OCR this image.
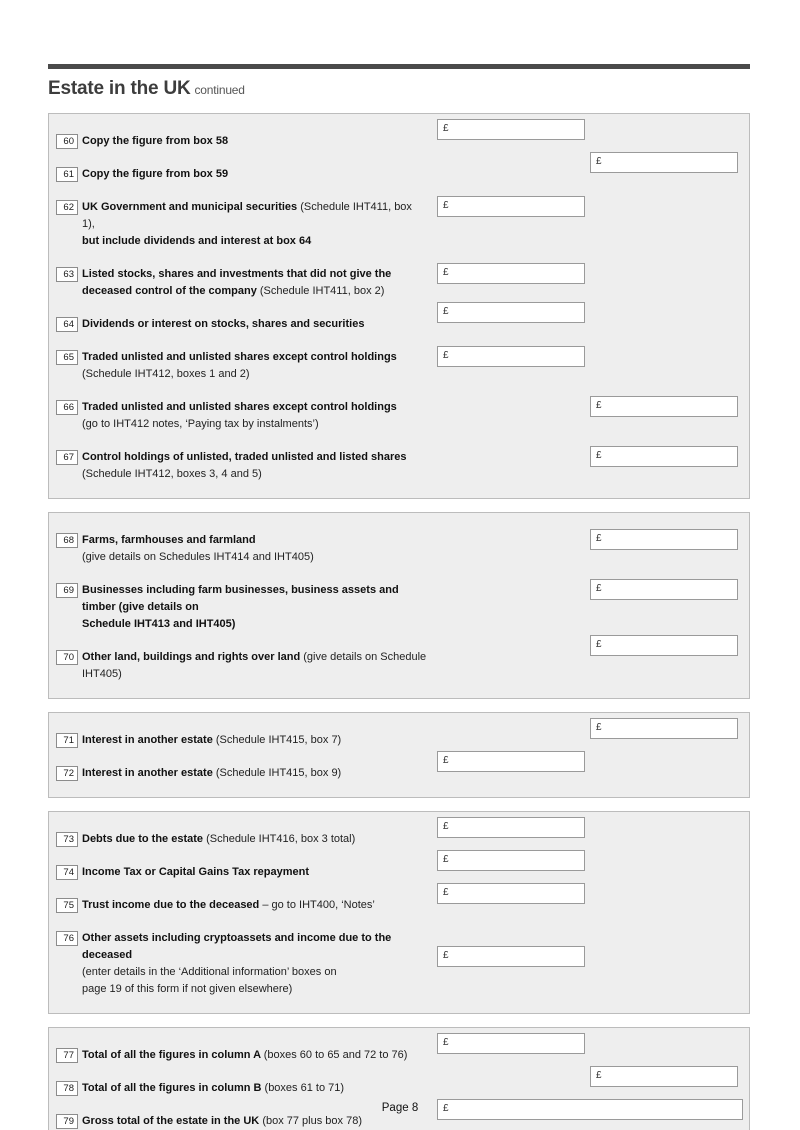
Estate in the UK continued
60 Copy the figure from box 58
£
61 Copy the figure from box 59
£
62 UK Government and municipal securities (Schedule IHT411, box 1),
but include dividends and interest at box 64
£
63 Listed stocks, shares and investments that did not give the
deceased control of the company (Schedule IHT411, box 2)
£
64 Dividends or interest on stocks, shares and securities
£
65 Traded unlisted and unlisted shares except control holdings
(Schedule IHT412, boxes 1 and 2)
£
66 Traded unlisted and unlisted shares except control holdings
(go to IHT412 notes, ‘Paying tax by instalments’)
£
67 Control holdings of unlisted, traded unlisted and listed shares
(Schedule IHT412, boxes 3, 4 and 5)
£
68 Farms, farmhouses and farmland
(give details on Schedules IHT414 and IHT405)
£
69 Businesses including farm businesses, business assets and timber (give details on
Schedule IHT413 and IHT405)
£
70 Other land, buildings and rights over land (give details on Schedule IHT405)
£
71 Interest in another estate (Schedule IHT415, box 7)
£
72 Interest in another estate (Schedule IHT415, box 9)
£
73 Debts due to the estate (Schedule IHT416, box 3 total)
£
74 Income Tax or Capital Gains Tax repayment
£
75 Trust income due to the deceased – go to IHT400, ‘Notes’
£
76 Other assets including cryptoassets and income due to the deceased
(enter details in the ‘Additional information’ boxes on
page 19 of this form if not given elsewhere)
£
77 Total of all the figures in column A (boxes 60 to 65 and 72 to 76)
£
78 Total of all the figures in column B (boxes 61 to 71)
£
79 Gross total of the estate in the UK (box 77 plus box 78)
£
Page 8
